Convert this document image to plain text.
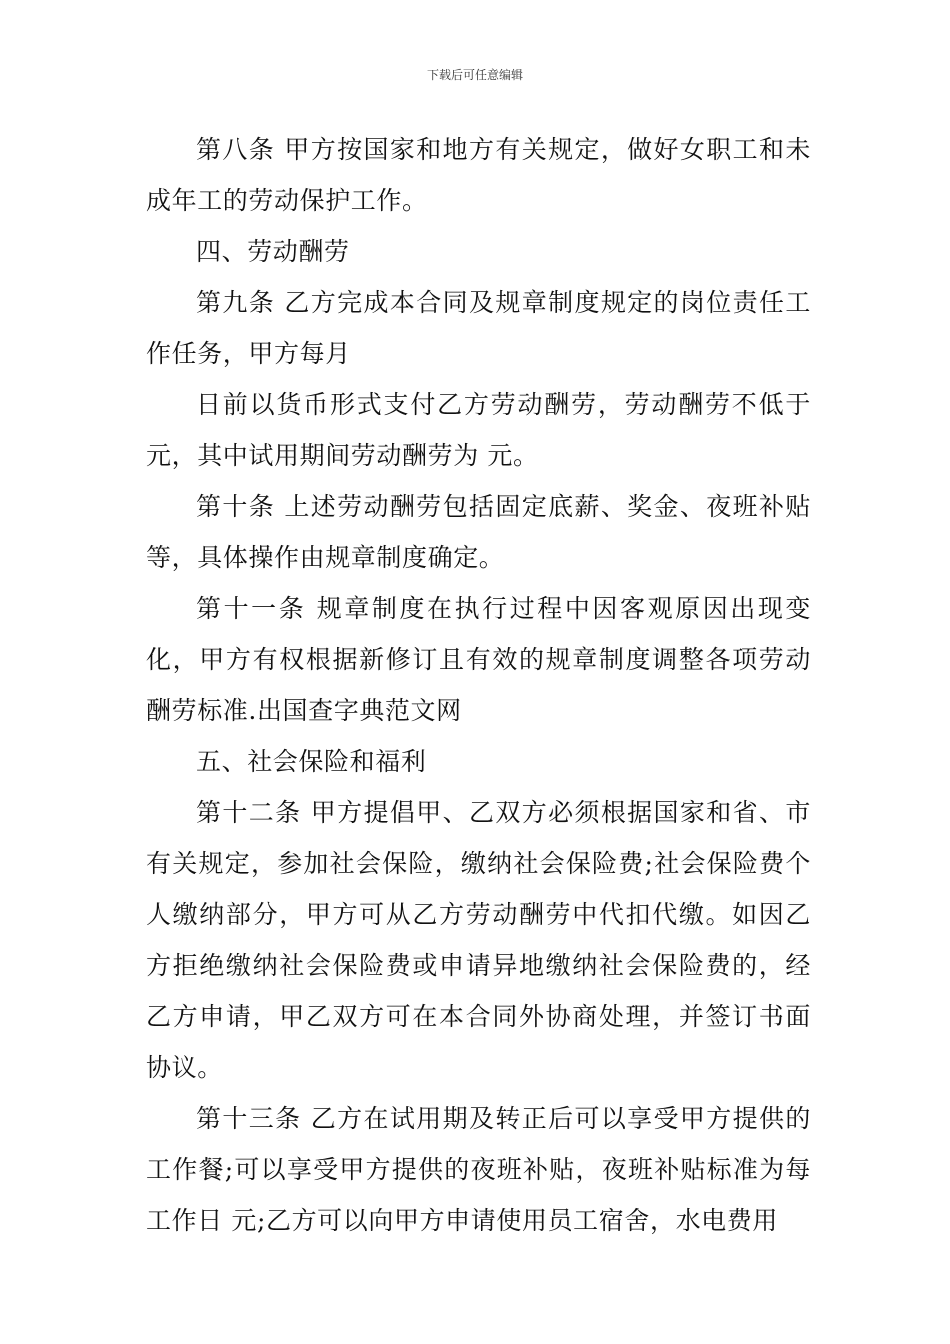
下载后可任意编辑

第八条 甲方按国家和地方有关规定，做好女职工和未成年工的劳动保护工作。

四、劳动酬劳

第九条 乙方完成本合同及规章制度规定的岗位责任工作任务，甲方每月

日前以货币形式支付乙方劳动酬劳，劳动酬劳不低于 元，其中试用期间劳动酬劳为 元。

第十条 上述劳动酬劳包括固定底薪、奖金、夜班补贴等，具体操作由规章制度确定。

第十一条 规章制度在执行过程中因客观原因出现变化，甲方有权根据新修订且有效的规章制度调整各项劳动酬劳标准.出国查字典范文网

五、社会保险和福利

第十二条 甲方提倡甲、乙双方必须根据国家和省、市有关规定，参加社会保险，缴纳社会保险费;社会保险费个人缴纳部分，甲方可从乙方劳动酬劳中代扣代缴。如因乙方拒绝缴纳社会保险费或申请异地缴纳社会保险费的，经乙方申请，甲乙双方可在本合同外协商处理，并签订书面协议。

第十三条 乙方在试用期及转正后可以享受甲方提供的工作餐;可以享受甲方提供的夜班补贴，夜班补贴标准为每工作日 元;乙方可以向甲方申请使用员工宿舍，水电费用
